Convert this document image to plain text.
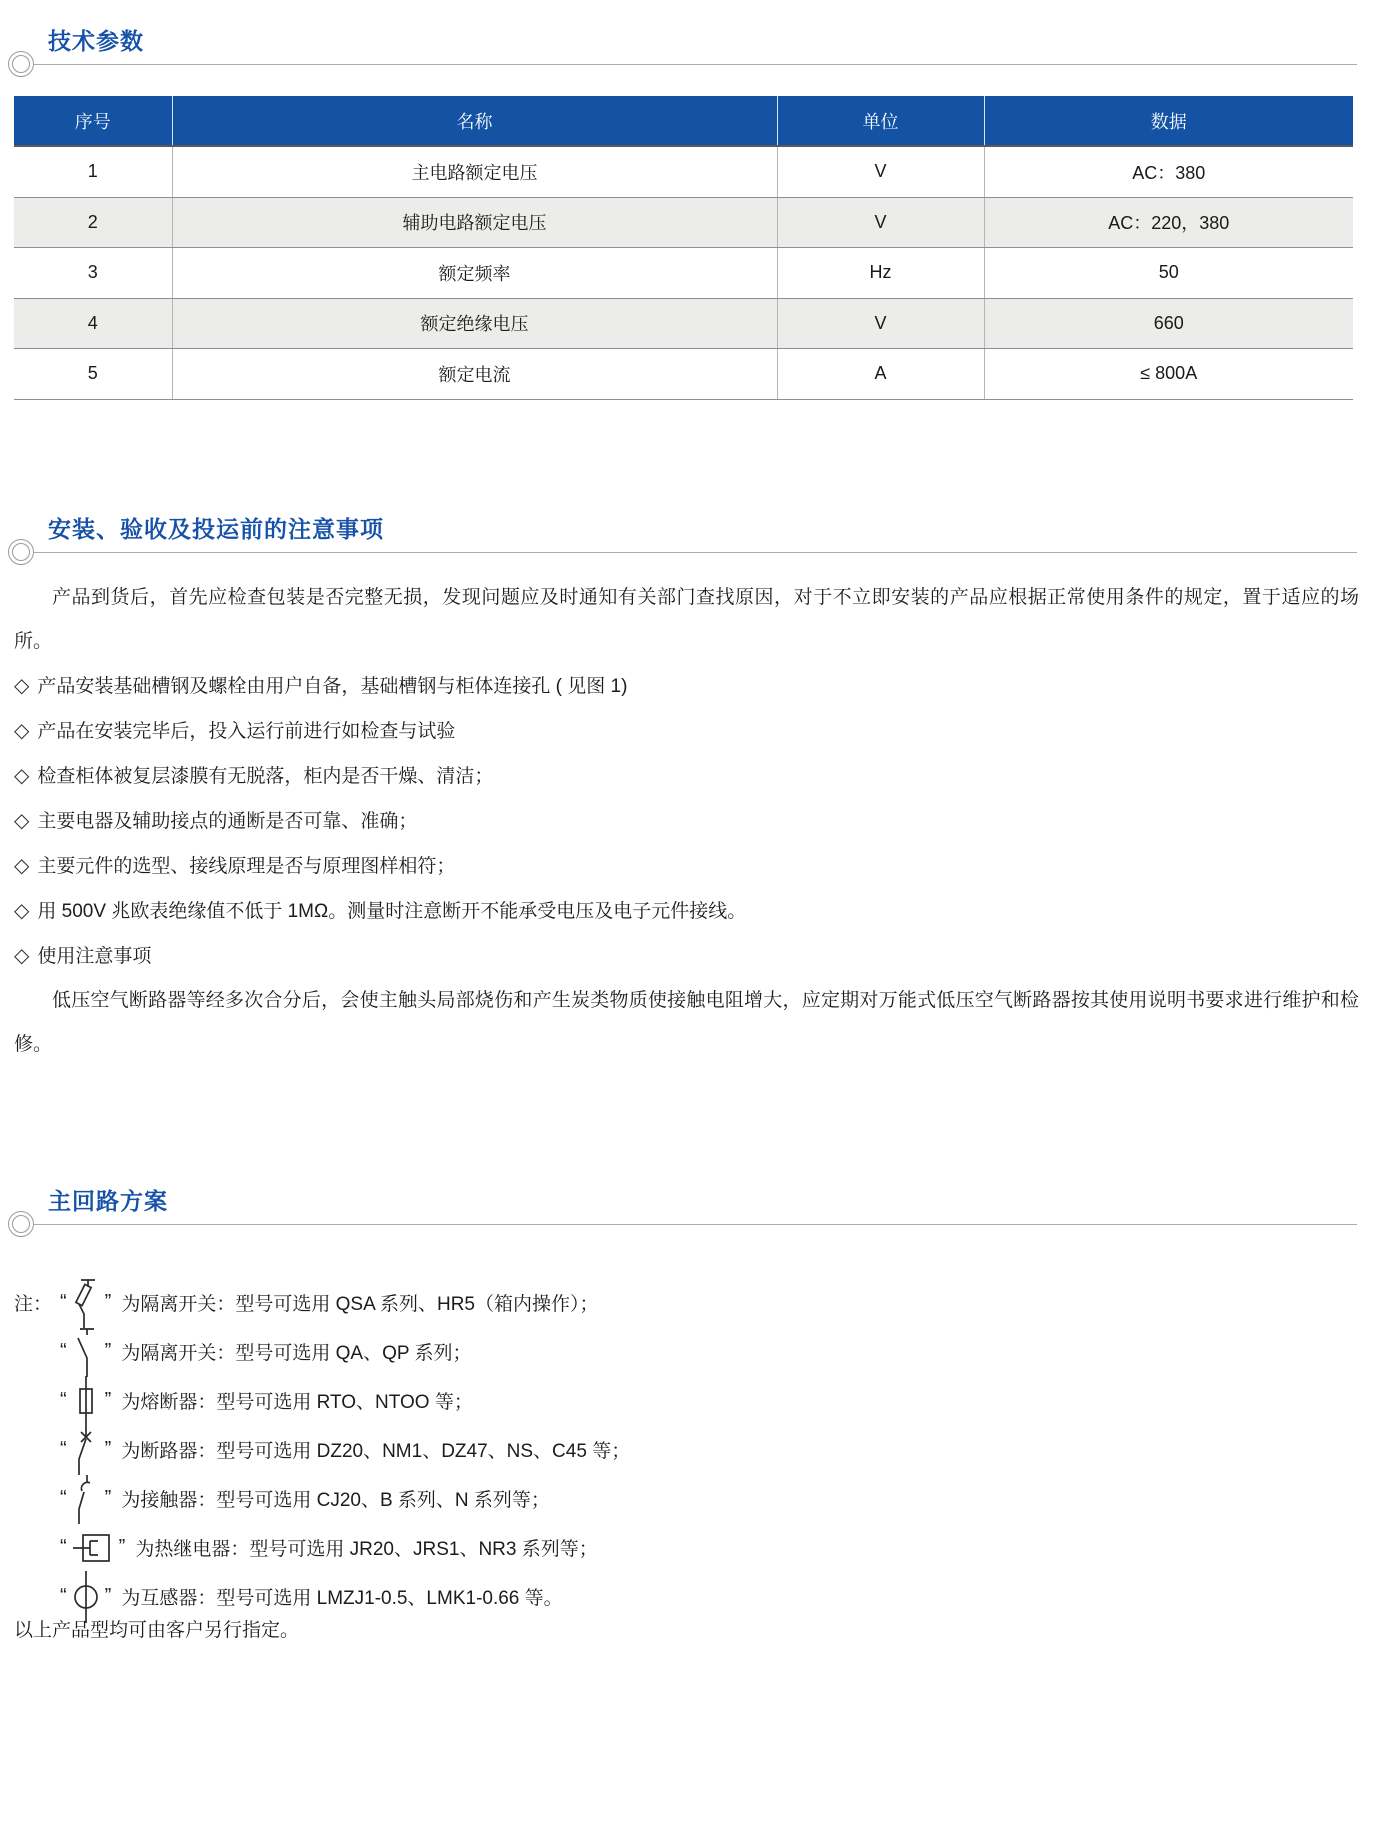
技术参数
序号	名称	单位	数据
1	主电路额定电压	V	AC：380
2	辅助电路额定电压	V	AC：220，380
3	额定频率	Hz	50
4	额定绝缘电压	V	660
5	额定电流	A	≤ 800A
安装、验收及投运前的注意事项

产品到货后，首先应检查包装是否完整无损，发现问题应及时通知有关部门查找原因，对于不立即安装的产品应根据正常使用条件的规定，置于适应的场所。

◇ 产品安装基础槽钢及螺栓由用户自备，基础槽钢与柜体连接孔 ( 见图 1)
◇ 产品在安装完毕后，投入运行前进行如检查与试验
◇ 检查柜体被复层漆膜有无脱落，柜内是否干燥、清洁；
◇ 主要电器及辅助接点的通断是否可靠、准确；
◇ 主要元件的选型、接线原理是否与原理图样相符；
◇ 用 500V 兆欧表绝缘值不低于 1MΩ。测量时注意断开不能承受电压及电子元件接线。
◇ 使用注意事项

低压空气断路器等经多次合分后，会使主触头局部烧伤和产生炭类物质使接触电阻增大，应定期对万能式低压空气断路器按其使用说明书要求进行维护和检修。

主回路方案
注： “ ” 为隔离开关：型号可选用 QSA 系列、HR5（箱内操作）；
“ ” 为隔离开关：型号可选用 QA、QP 系列；
“ ” 为熔断器：型号可选用 RTO、NTOO 等；
“ ” 为断路器：型号可选用 DZ20、NM1、DZ47、NS、C45 等；
“ ” 为接触器：型号可选用 CJ20、B 系列、N 系列等；
“	” 为热继电器：型号可选用 JR20、JRS1、NR3 系列等；
“ ” 为互感器：型号可选用 LMZJ1-0.5、LMK1-0.66 等。
以上产品型均可由客户另行指定。
